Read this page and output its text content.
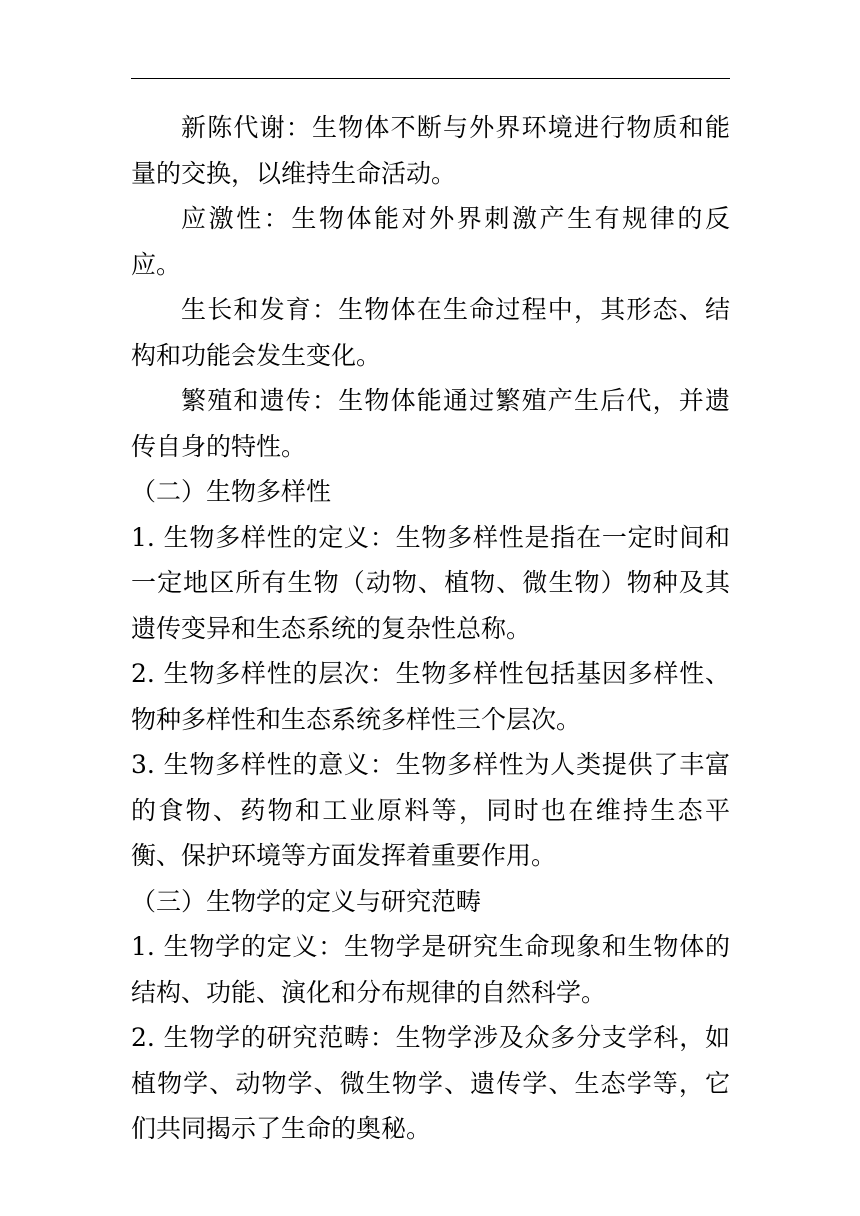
新陈代谢：生物体不断与外界环境进行物质和能量的交换，以维持生命活动。

应激性：生物体能对外界刺激产生有规律的反应。

生长和发育：生物体在生命过程中，其形态、结构和功能会发生变化。

繁殖和遗传：生物体能通过繁殖产生后代，并遗传自身的特性。

（二）生物多样性

1. 生物多样性的定义：生物多样性是指在一定时间和一定地区所有生物（动物、植物、微生物）物种及其遗传变异和生态系统的复杂性总称。

2. 生物多样性的层次：生物多样性包括基因多样性、物种多样性和生态系统多样性三个层次。

3. 生物多样性的意义：生物多样性为人类提供了丰富的食物、药物和工业原料等，同时也在维持生态平衡、保护环境等方面发挥着重要作用。

（三）生物学的定义与研究范畴

1. 生物学的定义：生物学是研究生命现象和生物体的结构、功能、演化和分布规律的自然科学。

2. 生物学的研究范畴：生物学涉及众多分支学科，如植物学、动物学、微生物学、遗传学、生态学等，它们共同揭示了生命的奥秘。
